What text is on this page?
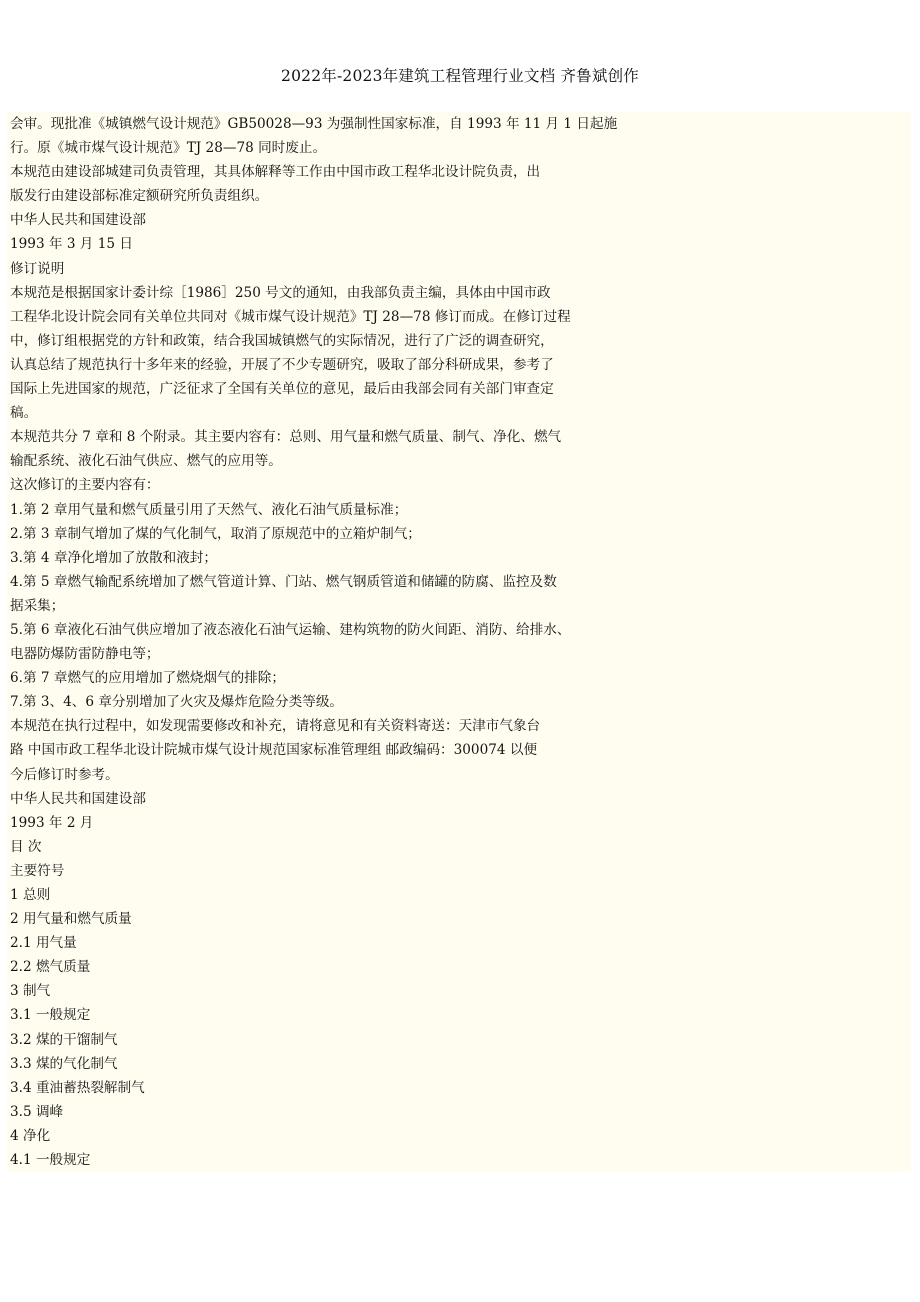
2022年-2023年建筑工程管理行业文档 齐鲁斌创作
会审。现批准《城镇燃气设计规范》GB50028—93 为强制性国家标准，自 1993 年 11 月 1 日起施
行。原《城市煤气设计规范》TJ 28—78 同时废止。
本规范由建设部城建司负责管理，其具体解释等工作由中国市政工程华北设计院负责，出
版发行由建设部标准定额研究所负责组织。
中华人民共和国建设部
1993 年 3 月 15 日
修订说明
本规范是根据国家计委计综［1986］250 号文的通知，由我部负责主编，具体由中国市政
工程华北设计院会同有关单位共同对《城市煤气设计规范》TJ 28—78 修订而成。在修订过程
中，修订组根据党的方针和政策，结合我国城镇燃气的实际情况，进行了广泛的调查研究，
认真总结了规范执行十多年来的经验，开展了不少专题研究，吸取了部分科研成果，参考了
国际上先进国家的规范，广泛征求了全国有关单位的意见，最后由我部会同有关部门审查定
稿。
本规范共分 7 章和 8 个附录。其主要内容有：总则、用气量和燃气质量、制气、净化、燃气
输配系统、液化石油气供应、燃气的应用等。
这次修订的主要内容有：
1.第 2 章用气量和燃气质量引用了天然气、液化石油气质量标准；
2.第 3 章制气增加了煤的气化制气，取消了原规范中的立箱炉制气；
3.第 4 章净化增加了放散和液封；
4.第 5 章燃气输配系统增加了燃气管道计算、门站、燃气钢质管道和储罐的防腐、监控及数
据采集；
5.第 6 章液化石油气供应增加了液态液化石油气运输、建构筑物的防火间距、消防、给排水、
电器防爆防雷防静电等；
6.第 7 章燃气的应用增加了燃烧烟气的排除；
7.第 3、4、6 章分别增加了火灾及爆炸危险分类等级。
本规范在执行过程中，如发现需要修改和补充，请将意见和有关资料寄送：天津市气象台
路 中国市政工程华北设计院城市煤气设计规范国家标准管理组 邮政编码：300074 以便
今后修订时参考。
中华人民共和国建设部
1993 年 2 月
目 次
主要符号
1 总则
2 用气量和燃气质量
2.1 用气量
2.2 燃气质量
3 制气
3.1 一般规定
3.2 煤的干馏制气
3.3 煤的气化制气
3.4 重油蓄热裂解制气
3.5 调峰
4 净化
4.1 一般规定
